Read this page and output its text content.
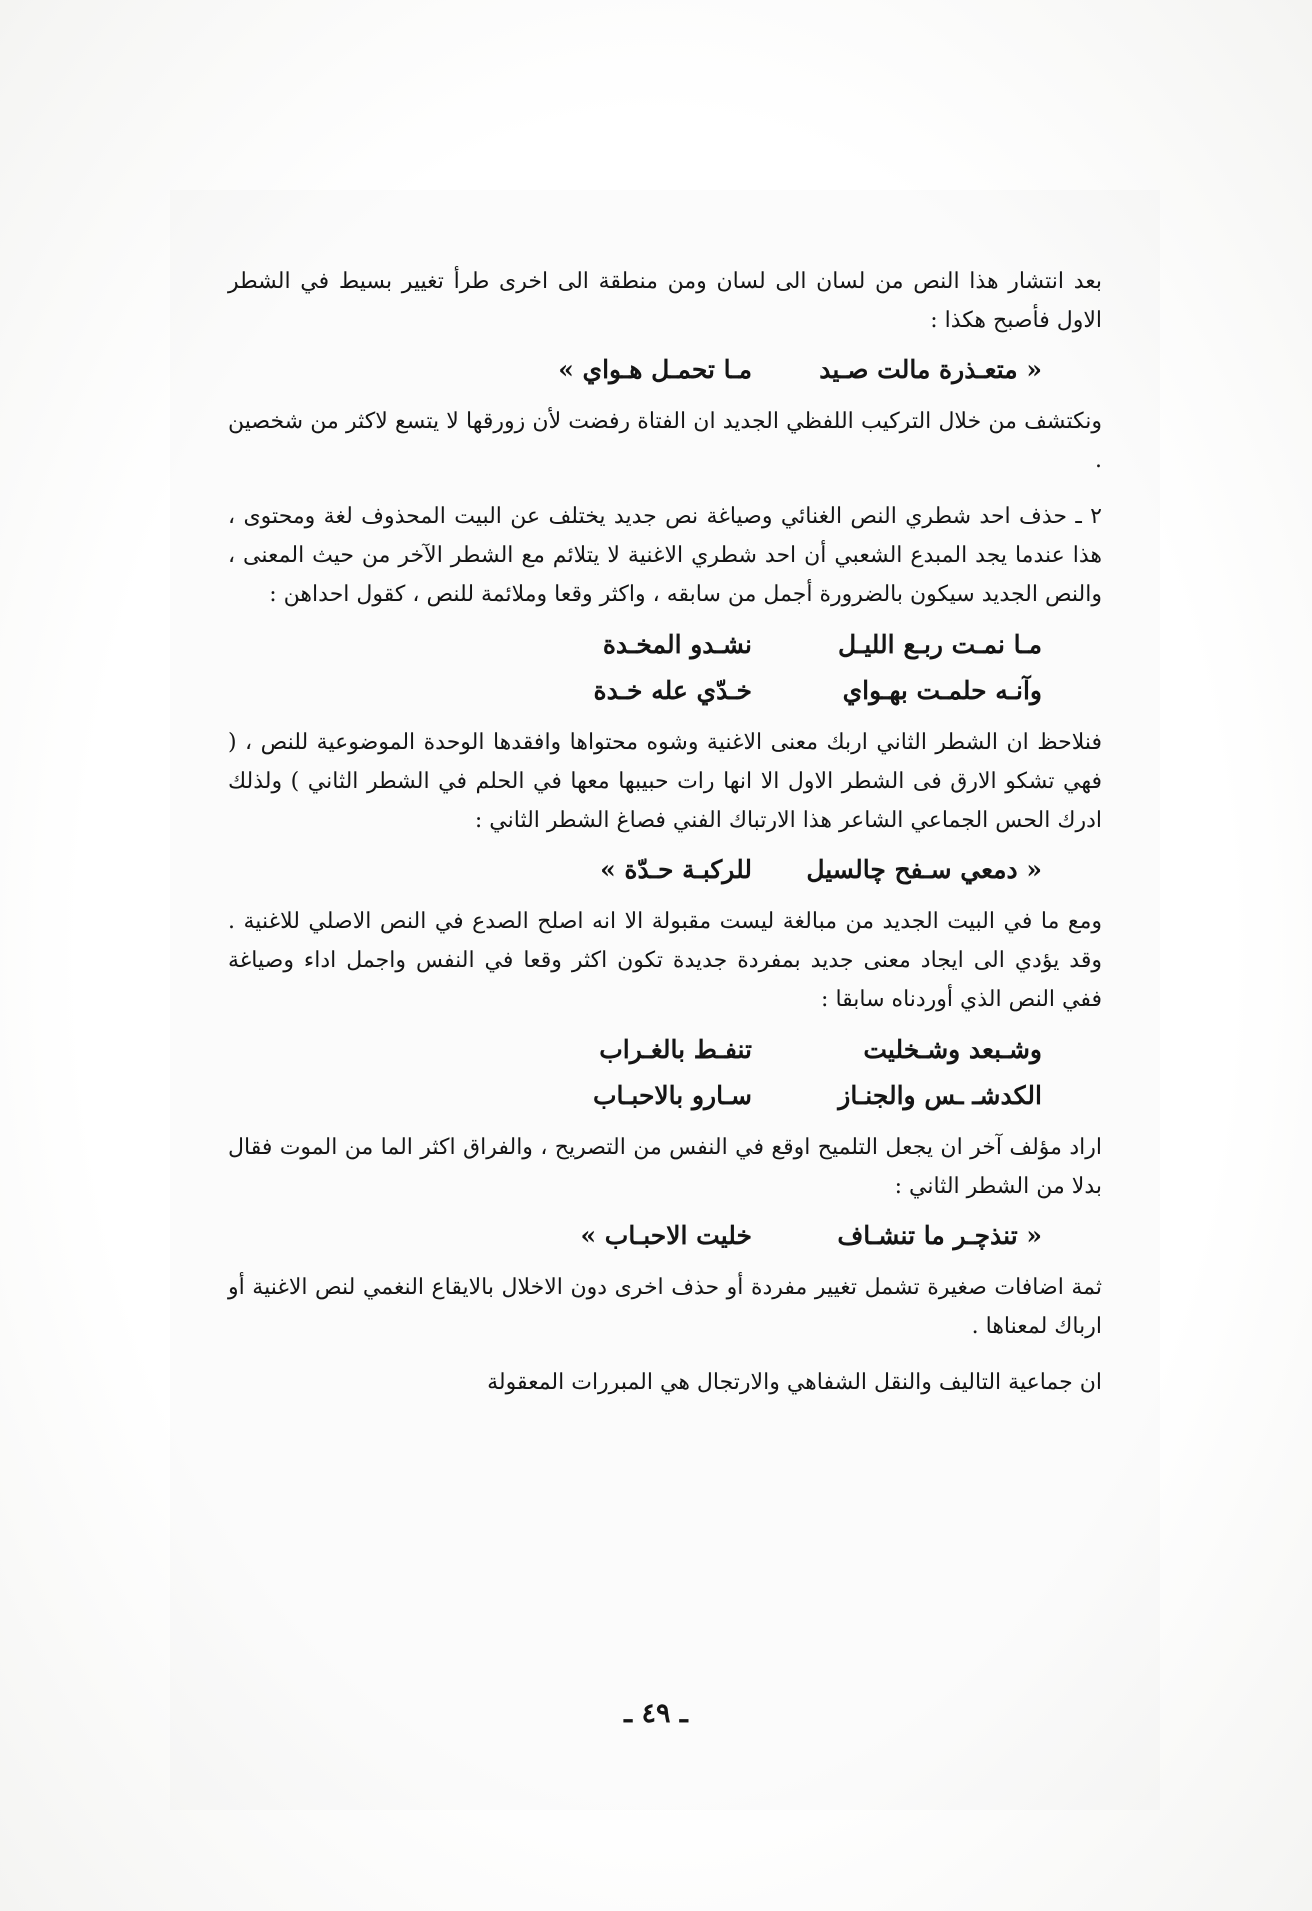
بعد انتشار هذا النص من لسان الى لسان ومن منطقة الى اخرى طرأ تغيير بسيط في الشطر الاول فأصبح هكذا :

« متعـذرة مالت صـيد
مـا تحمـل هـواي »

ونكتشف من خلال التركيب اللفظي الجديد ان الفتاة رفضت لأن زورقها لا يتسع لاكثر من شخصين .

٢ ـ حذف احد شطري النص الغنائي وصياغة نص جديد يختلف عن البيت المحذوف لغة ومحتوى ، هذا عندما يجد المبدع الشعبي أن احد شطري الاغنية لا يتلائم مع الشطر الآخر من حيث المعنى ، والنص الجديد سيكون بالضرورة أجمل من سابقه ، واكثر وقعا وملائمة للنص ، كقول احداهن :

مـا نمـت ربـع الليـل
نشـدو المخـدة
وآنـه حلمـت بهـواي
خـدّي عله خـدة

فنلاحظ ان الشطر الثاني اربك معنى الاغنية وشوه محتواها وافقدها الوحدة الموضوعية للنص ، ( فهي تشكو الارق فى الشطر الاول الا انها رات حبيبها معها في الحلم في الشطر الثاني ) ولذلك ادرك الحس الجماعي الشاعر هذا الارتباك الفني فصاغ الشطر الثاني :

« دمعي سـفح چالسيل
للركبـة حـدّة »

ومع ما في البيت الجديد من مبالغة ليست مقبولة الا انه اصلح الصدع في النص الاصلي للاغنية . وقد يؤدي الى ايجاد معنى جديد بمفردة جديدة تكون اكثر وقعا في النفس واجمل اداء وصياغة ففي النص الذي أوردناه سابقا :

وشـبعد وشـخليت
تنفـط بالغـراب
الكدشـ ـس والجنـاز
سـارو بالاحبـاب

اراد مؤلف آخر ان يجعل التلميح اوقع في النفس من التصريح ، والفراق اكثر الما من الموت فقال بدلا من الشطر الثاني :

« تنذچـر ما تنشـاف
خليت الاحبـاب »

ثمة اضافات صغيرة تشمل تغيير مفردة أو حذف اخرى دون الاخلال بالايقاع النغمي لنص الاغنية أو ارباك لمعناها .

ان جماعية التاليف والنقل الشفاهي والارتجال هي المبررات المعقولة

ـ ٤٩ ـ
